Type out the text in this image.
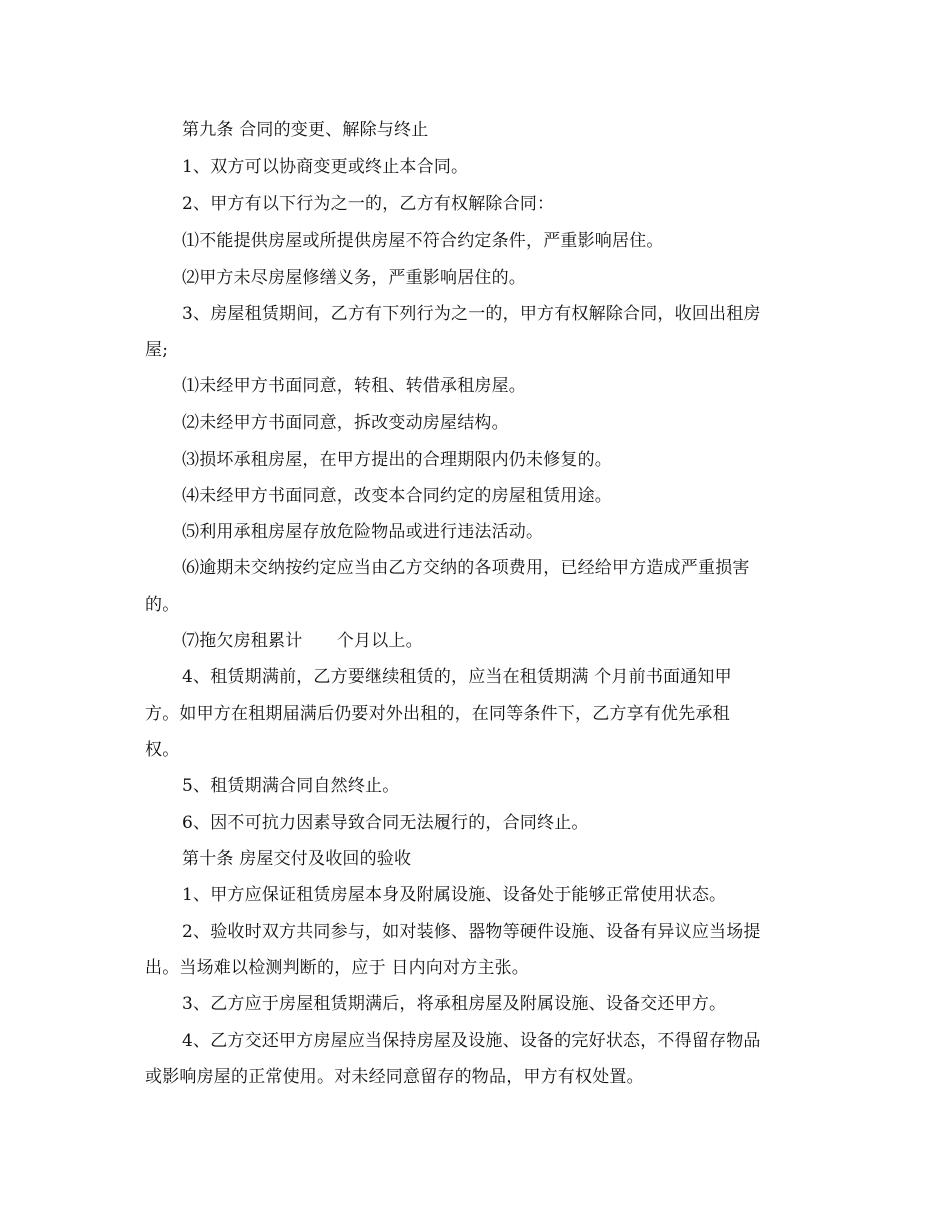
第九条 合同的变更、解除与终止
1、双方可以协商变更或终止本合同。
2、甲方有以下行为之一的，乙方有权解除合同：
⑴不能提供房屋或所提供房屋不符合约定条件，严重影响居住。
⑵甲方未尽房屋修缮义务，严重影响居住的。
3、房屋租赁期间，乙方有下列行为之一的，甲方有权解除合同，收回出租房
屋;
⑴未经甲方书面同意，转租、转借承租房屋。
⑵未经甲方书面同意，拆改变动房屋结构。
⑶损坏承租房屋，在甲方提出的合理期限内仍未修复的。
⑷未经甲方书面同意，改变本合同约定的房屋租赁用途。
⑸利用承租房屋存放危险物品或进行违法活动。
⑹逾期未交纳按约定应当由乙方交纳的各项费用，已经给甲方造成严重损害
的。
⑺拖欠房租累计　　个月以上。
4、租赁期满前，乙方要继续租赁的，应当在租赁期满 个月前书面通知甲
方。如甲方在租期届满后仍要对外出租的，在同等条件下，乙方享有优先承租
权。
5、租赁期满合同自然终止。
6、因不可抗力因素导致合同无法履行的，合同终止。
第十条 房屋交付及收回的验收
1、甲方应保证租赁房屋本身及附属设施、设备处于能够正常使用状态。
2、验收时双方共同参与，如对装修、器物等硬件设施、设备有异议应当场提
出。当场难以检测判断的，应于 日内向对方主张。
3、乙方应于房屋租赁期满后，将承租房屋及附属设施、设备交还甲方。
4、乙方交还甲方房屋应当保持房屋及设施、设备的完好状态，不得留存物品
或影响房屋的正常使用。对未经同意留存的物品，甲方有权处置。
